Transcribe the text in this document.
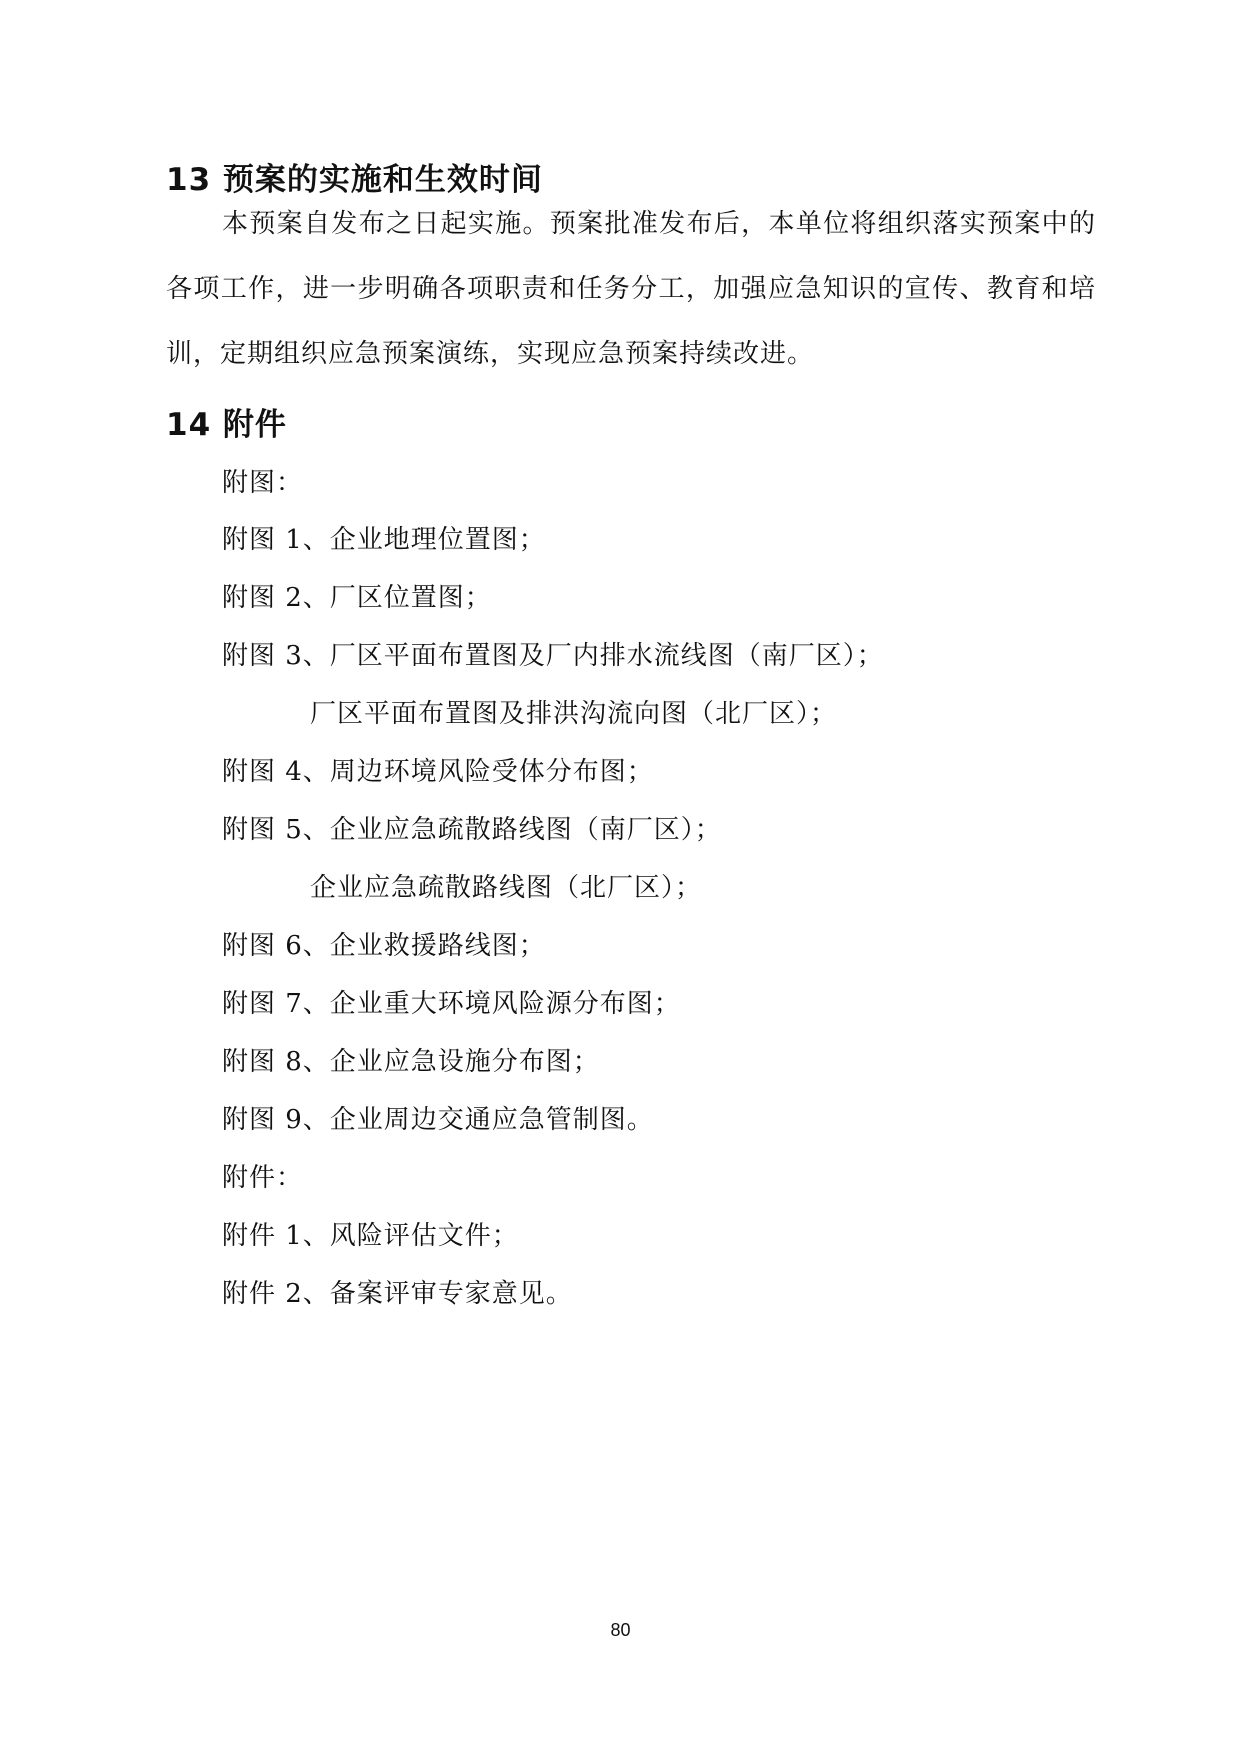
13 预案的实施和生效时间

本预案自发布之日起实施。预案批准发布后，本单位将组织落实预案中的各项工作，进一步明确各项职责和任务分工，加强应急知识的宣传、教育和培训，定期组织应急预案演练，实现应急预案持续改进。

14 附件

附图：

附图 1、企业地理位置图；

附图 2、厂区位置图；

附图 3、厂区平面布置图及厂内排水流线图（南厂区）；

厂区平面布置图及排洪沟流向图（北厂区）；

附图 4、周边环境风险受体分布图；

附图 5、企业应急疏散路线图（南厂区）；

企业应急疏散路线图（北厂区）；

附图 6、企业救援路线图；

附图 7、企业重大环境风险源分布图；

附图 8、企业应急设施分布图；

附图 9、企业周边交通应急管制图。

附件：

附件 1、风险评估文件；

附件 2、备案评审专家意见。

80
